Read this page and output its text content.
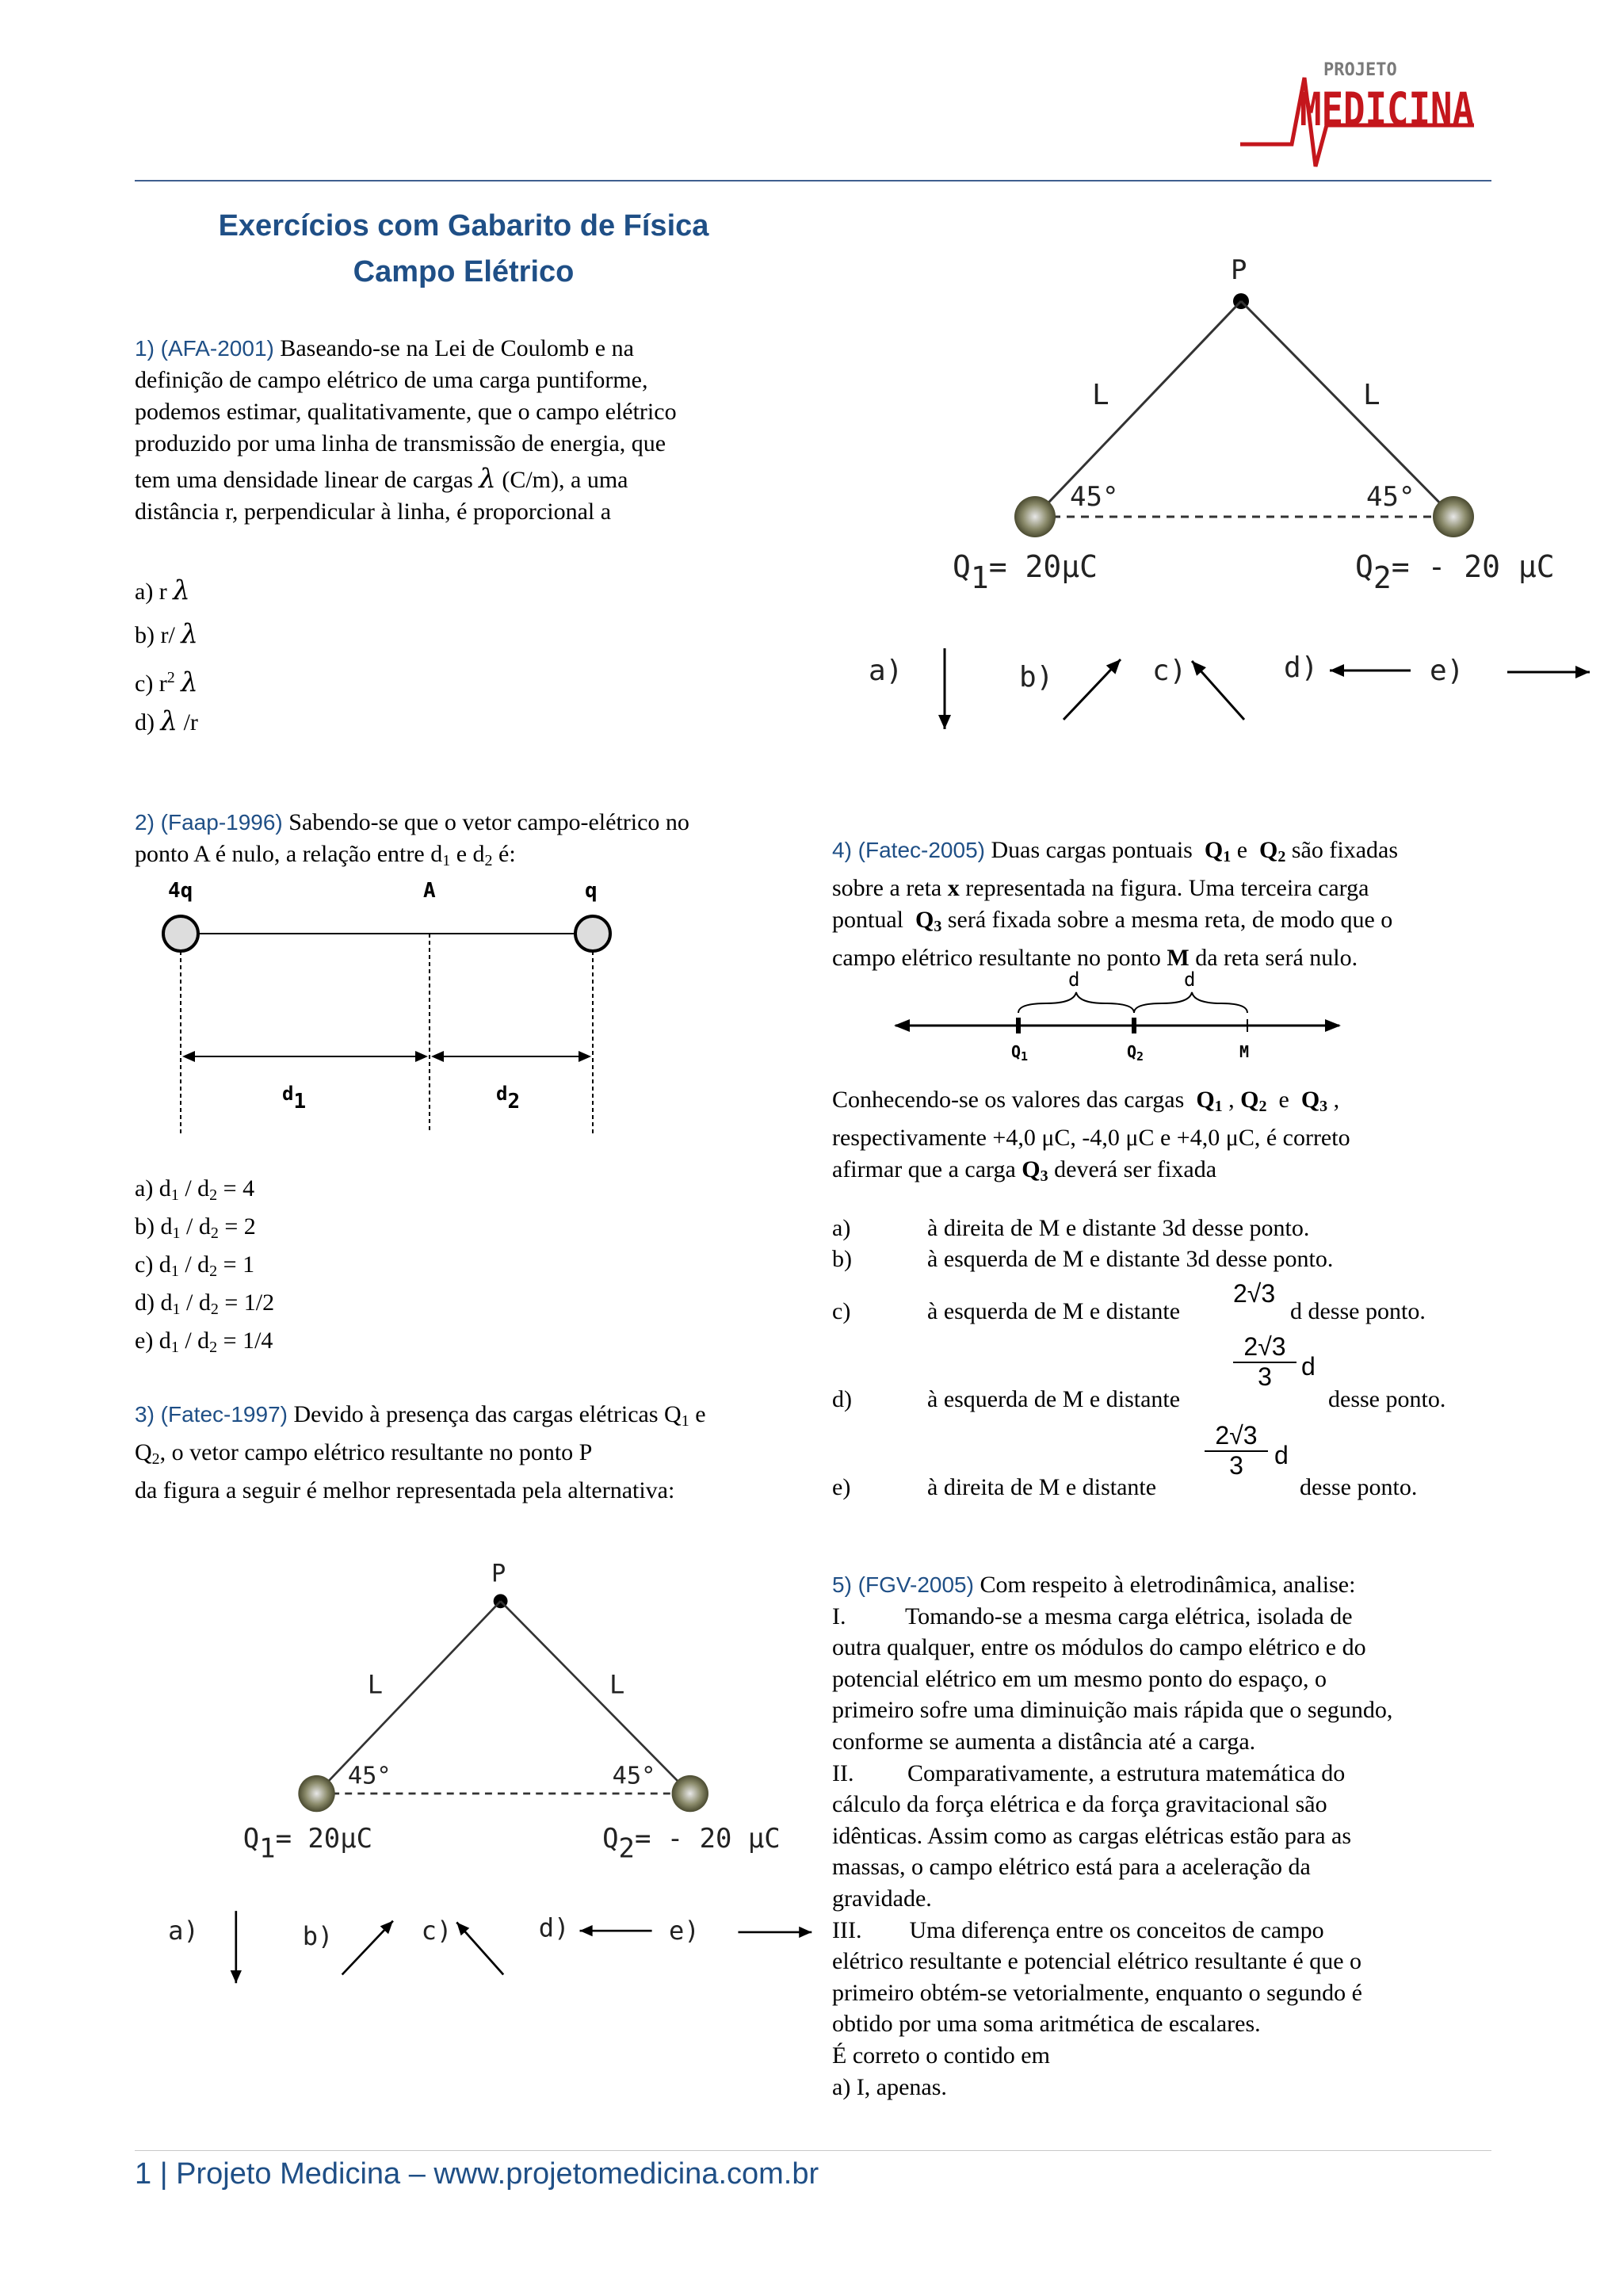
PROJETO
MEDICINA
Exercícios com Gabarito de Física
Campo Elétrico
1) (AFA-2001) Baseando-se na Lei de Coulomb e na
definição de campo elétrico de uma carga puntiforme,
podemos estimar, qualitativamente, que o campo elétrico
produzido por uma linha de transmissão de energia, que
tem uma densidade linear de cargas λ (C/m), a uma
distância r, perpendicular à linha, é proporcional a
a) r λ
b) r/ λ
c) $r^2$ λ
d) λ /r
P
L	L
45°	45°
Q1= 20μC	Q2= - 20 μC
a)	b)	c)	d)	e)
2) (Faap-1996) Sabendo-se que o vetor campo-elétrico no
ponto A é nulo, a relação entre $d_1$ e $d_2$ é:
4q	A	q
d1	d2
a) $d_1 / d_2 = 4$
b) $d_1 / d_2 = 2$
c) $d_1 / d_2 = 1$
d) $d_1 / d_2 = 1/2$
e) $d_1 / d_2 = 1/4$
3) (Fatec-1997) Devido à presença das cargas elétricas $Q_1$ e
$Q_2$, o vetor campo elétrico resultante no ponto P
da figura a seguir é melhor representada pela alternativa:
P
L	L
45°	45°
Q1= 20μC	Q2= - 20 μC
a)	b)	c)	d)	e)
4) (Fatec-2005) Duas cargas pontuais $Q_1$ e $Q_2$ são fixadas
sobre a reta x representada na figura. Uma terceira carga
pontual $Q_3$ será fixada sobre a mesma reta, de modo que o
campo elétrico resultante no ponto M da reta será nulo.
d	d
$Q_1$	$Q_2$	M
Conhecendo-se os valores das cargas $Q_1$ , $Q_2$  e  $Q_3$ ,
respectivamente +4,0 μC, -4,0 μC e +4,0 μC, é correto
afirmar que a carga $Q_3$ deverá ser fixada
a)	à direita de M e distante 3d desse ponto.
b)	à esquerda de M e distante 3d desse ponto.
c)	à esquerda de M e distante
2√3
d desse ponto.
d)	à esquerda de M e distante
$\frac{2√3}{3}$ d
desse ponto.
e)	à direita de M e distante
$\frac{2√3}{3}$ d
desse ponto.
5) (FGV-2005) Com respeito à eletrodinâmica, analise:
I.          Tomando-se a mesma carga elétrica, isolada de
outra qualquer, entre os módulos do campo elétrico e do
potencial elétrico em um mesmo ponto do espaço, o
primeiro sofre uma diminuição mais rápida que o segundo,
conforme se aumenta a distância até a carga.
II.         Comparativamente, a estrutura matemática do
cálculo da força elétrica e da força gravitacional são
idênticas. Assim como as cargas elétricas estão para as
massas, o campo elétrico está para a aceleração da
gravidade.
III.        Uma diferença entre os conceitos de campo
elétrico resultante e potencial elétrico resultante é que o
primeiro obtém-se vetorialmente, enquanto o segundo é
obtido por uma soma aritmética de escalares.
É correto o contido em
a) I, apenas.
1 | Projeto Medicina – www.projetomedicina.com.br
